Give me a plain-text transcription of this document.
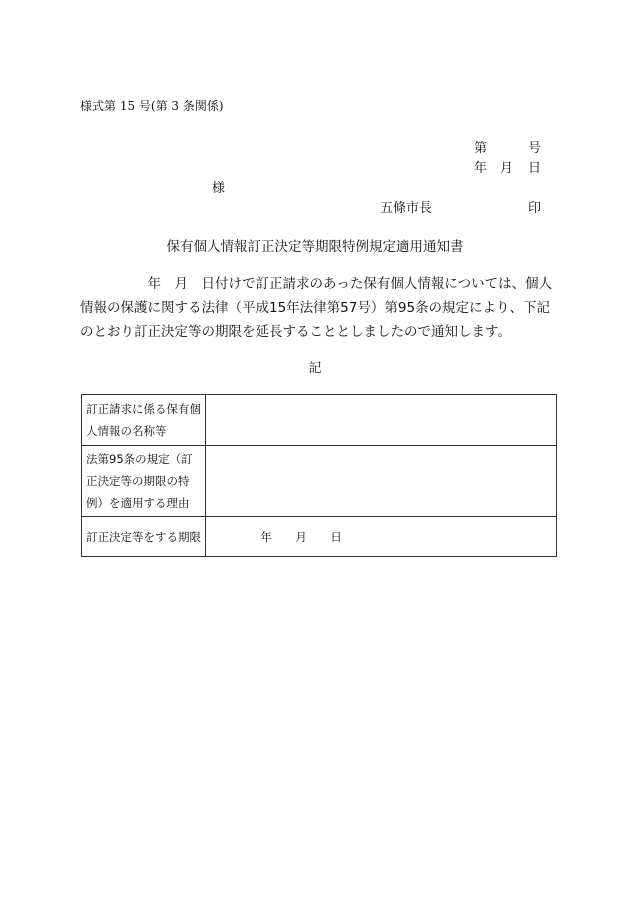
様式第 15 号(第 3 条関係)
第	号
年 月 日
様
五條市長	印
保有個人情報訂正決定等期限特例規定適用通知書
　　　　　年　月　日付けで訂正請求のあった保有個人情報については、個人情報の保護に関する法律（平成15年法律第57号）第95条の規定により、下記のとおり訂正決定等の期限を延長することとしましたので通知します。
記
訂正請求に係る保有個人情報の名称等	
法第95条の規定（訂正決定等の期限の特例）を適用する理由	
訂正決定等をする期限	年 月 日
